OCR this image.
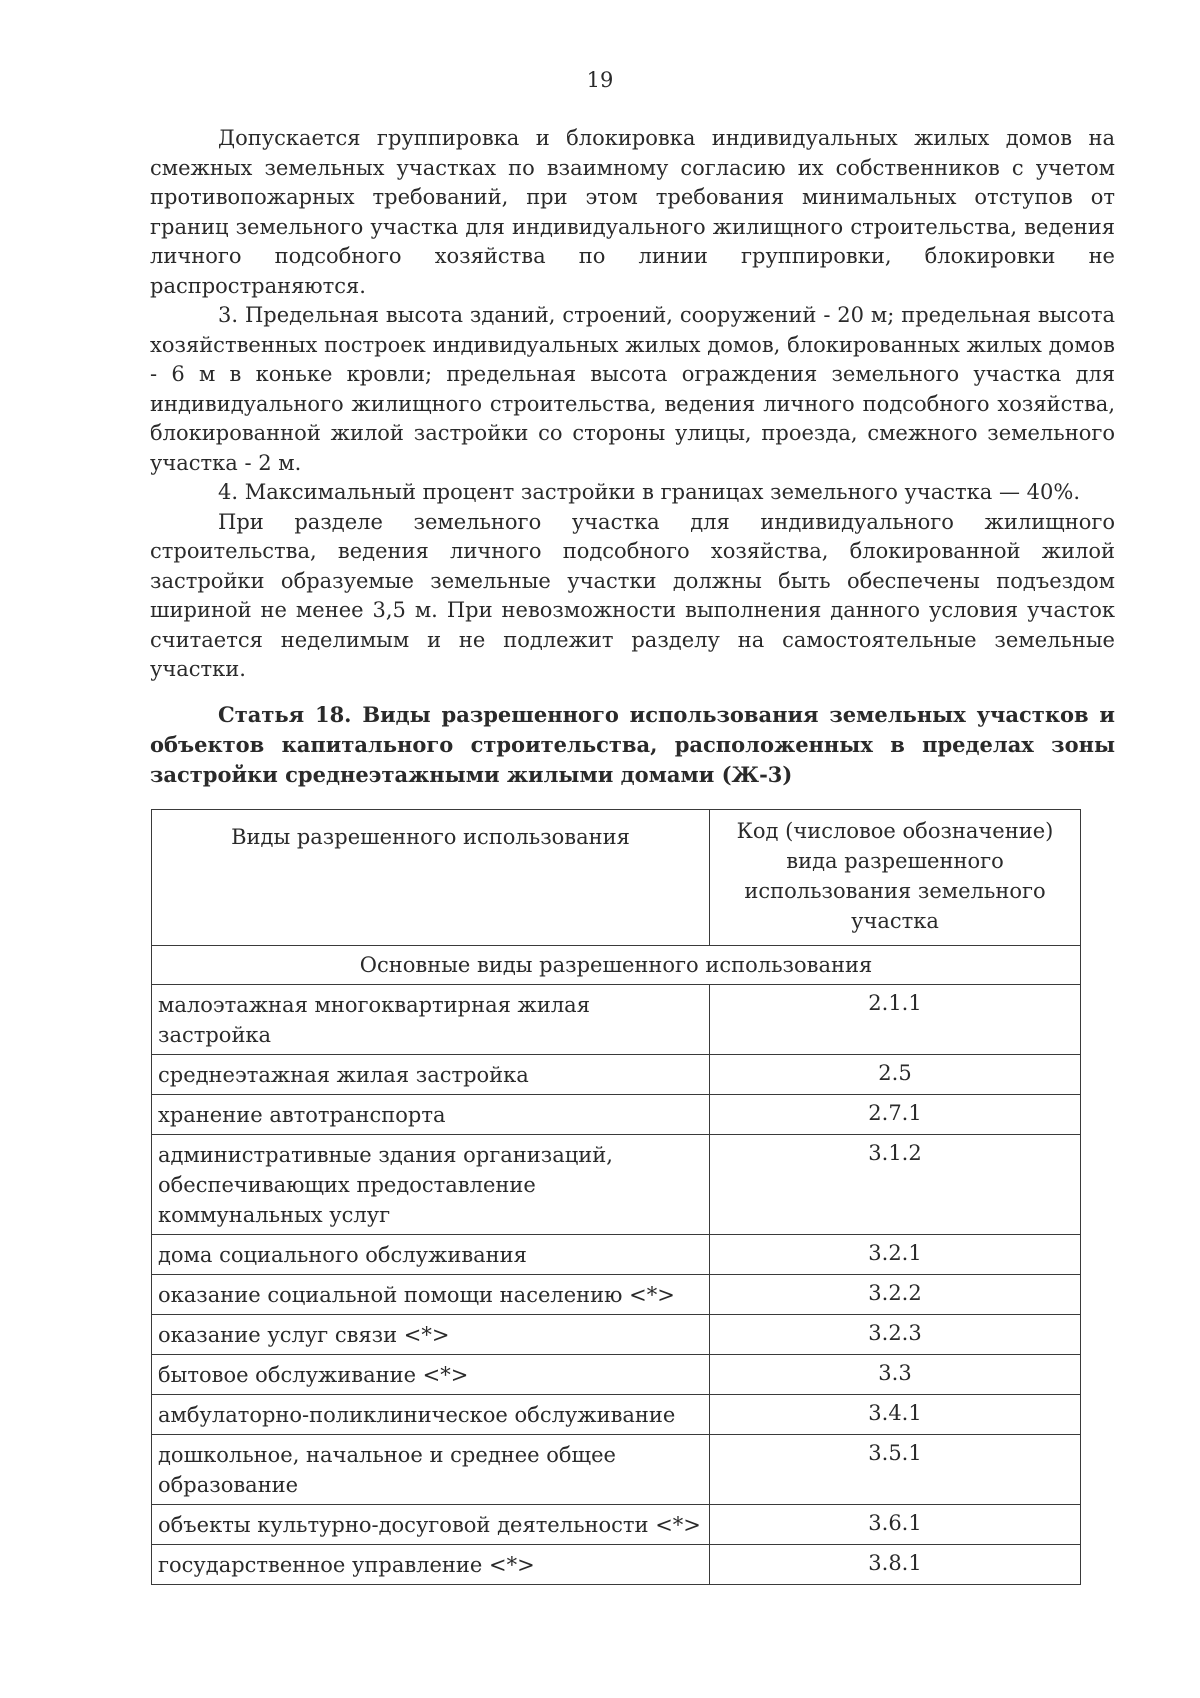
19

Допускается группировка и блокировка индивидуальных жилых домов на смежных земельных участках по взаимному согласию их собственников с учетом противопожарных требований, при этом требования минимальных отступов от границ земельного участка для индивидуального жилищного строительства, ведения личного подсобного хозяйства по линии группировки, блокировки не распространяются.

3. Предельная высота зданий, строений, сооружений - 20 м; предельная высота хозяйственных построек индивидуальных жилых домов, блокированных жилых домов - 6 м в коньке кровли; предельная высота ограждения земельного участка для индивидуального жилищного строительства, ведения личного подсобного хозяйства, блокированной жилой застройки со стороны улицы, проезда, смежного земельного участка - 2 м.

4. Максимальный процент застройки в границах земельного участка — 40%.

При разделе земельного участка для индивидуального жилищного строительства, ведения личного подсобного хозяйства, блокированной жилой застройки образуемые земельные участки должны быть обеспечены подъездом шириной не менее 3,5 м. При невозможности выполнения данного условия участок считается неделимым и не подлежит разделу на самостоятельные земельные участки.

Статья 18. Виды разрешенного использования земельных участков и объектов капитального строительства, расположенных в пределах зоны застройки среднеэтажными жилыми домами (Ж-3)
Виды разрешенного использования	Код (числовое обозначение) вида разрешенного использования земельного участка
Основные виды разрешенного использования	
малоэтажная многоквартирная жилая застройка	2.1.1
среднеэтажная жилая застройка	2.5
хранение автотранспорта	2.7.1
административные здания организаций, обеспечивающих предоставление коммунальных услуг	3.1.2
дома социального обслуживания	3.2.1
оказание социальной помощи населению <*>	3.2.2
оказание услуг связи <*>	3.2.3
бытовое обслуживание <*>	3.3
амбулаторно-поликлиническое обслуживание	3.4.1
дошкольное, начальное и среднее общее образование	3.5.1
объекты культурно-досуговой деятельности <*>	3.6.1
государственное управление <*>	3.8.1
